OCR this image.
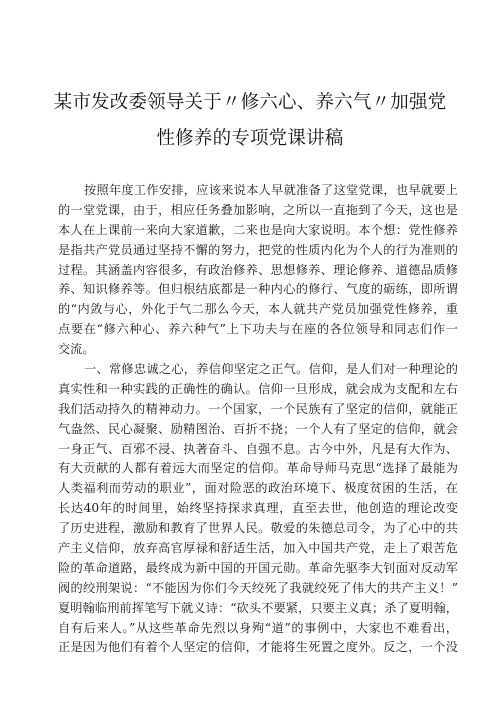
某市发改委领导关于〃修六心、养六气〃加强党
性修养的专项党课讲稿
按照年度工作安排，应该来说本人早就准备了这堂党课，也早就要上
的一堂党课，由于，相应任务叠加影响，之所以一直拖到了今天，这也是
本人在上课前一来向大家道歉，二来也是向大家说明。本个想：党性修养
是指共产党员通过坚持不懈的努力，把党的性质内化为个人的行为准则的
过程。其涵盖内容很多，有政治修养、思想修养、理论修养、道德品质修
养、知识修养等。但归根结底都是一种内心的修行、气度的砺练，即所谓
的“内敛与心，外化于气二那么今天，本人就共产党员加强党性修养，重
点要在“修六种心、养六种气”上下功夫与在座的各位领导和同志们作一
交流。
一、常修忠诚之心，养信仰坚定之正气。信仰，是人们对一种理论的
真实性和一种实践的正确性的确认。信仰一旦形成，就会成为支配和左右
我们活动持久的精神动力。一个国家，一个民族有了坚定的信仰，就能正
气盎然、民心凝聚、励精图治、百折不挠；一个人有了坚定的信仰，就会
一身正气、百邪不浸、执著奋斗、自强不息。古今中外，凡是有大作为、
有大贡献的人都有着远大而坚定的信仰。革命导师马克思“选择了最能为
人类福利而劳动的职业”，面对险恶的政治环境下、极度贫困的生活，在
长达40年的时间里，始终坚持探求真理，直至去世，他创造的理论改变
了历史进程，激励和教育了世界人民。敬爱的朱德总司令，为了心中的共
产主义信仰，放弃高官厚禄和舒适生活，加入中国共产党，走上了艰苦危
险的革命道路，最终成为新中国的开国元勋。革命先驱李大钊面对反动军
阀的绞刑架说：“不能因为你们今天绞死了我就绞死了伟大的共产主义！”
夏明翰临刑前挥笔写下就义诗：“砍头不要紧，只要主义真；杀了夏明翰，
自有后来人。”从这些革命先烈以身殉“道”的事例中，大家也不难看出，
正是因为他们有着个人坚定的信仰，才能将生死置之度外。反之，一个没
